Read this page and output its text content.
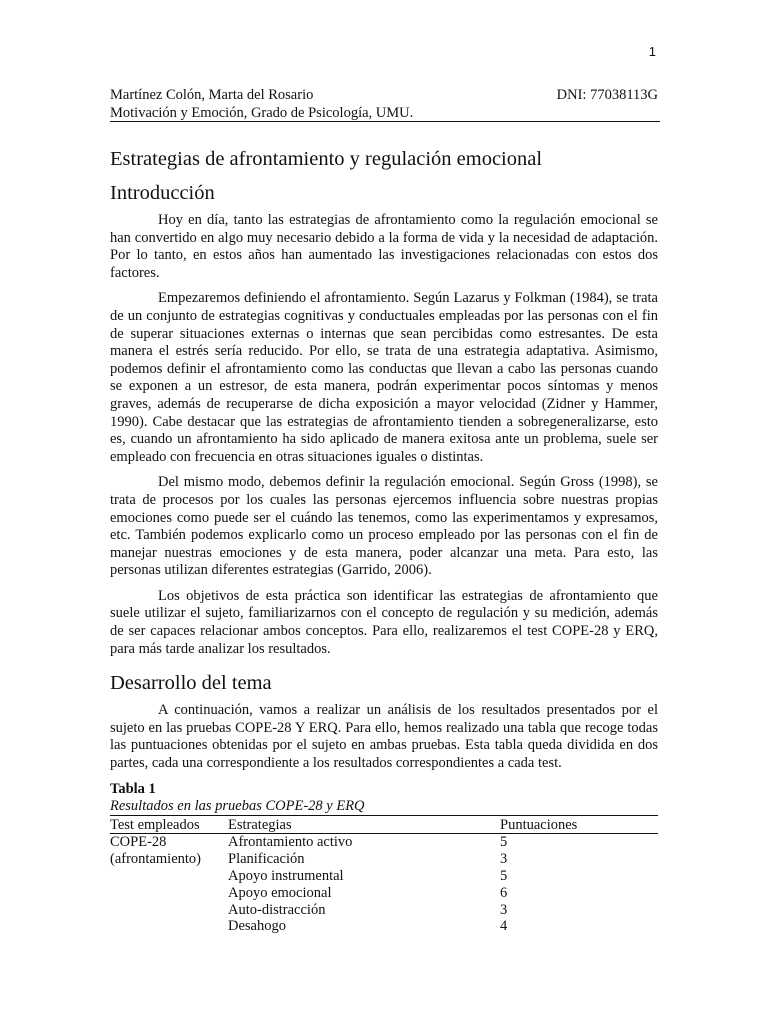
1
Martínez Colón, Marta del Rosario	DNI: 77038113G
Motivación y Emoción, Grado de Psicología, UMU.
Estrategias de afrontamiento y regulación emocional
Introducción

Hoy en día, tanto las estrategias de afrontamiento como la regulación emocional se han convertido en algo muy necesario debido a la forma de vida y la necesidad de adaptación. Por lo tanto, en estos años han aumentado las investigaciones relacionadas con estos dos factores.

Empezaremos definiendo el afrontamiento. Según Lazarus y Folkman (1984), se trata de un conjunto de estrategias cognitivas y conductuales empleadas por las personas con el fin de superar situaciones externas o internas que sean percibidas como estresantes. De esta manera el estrés sería reducido. Por ello, se trata de una estrategia adaptativa. Asimismo, podemos definir el afrontamiento como las conductas que llevan a cabo las personas cuando se exponen a un estresor, de esta manera, podrán experimentar pocos síntomas y menos graves, además de recuperarse de dicha exposición a mayor velocidad (Zidner y Hammer, 1990). Cabe destacar que las estrategias de afrontamiento tienden a sobregeneralizarse, esto es, cuando un afrontamiento ha sido aplicado de manera exitosa ante un problema, suele ser empleado con frecuencia en otras situaciones iguales o distintas.

Del mismo modo, debemos definir la regulación emocional. Según Gross (1998), se trata de procesos por los cuales las personas ejercemos influencia sobre nuestras propias emociones como puede ser el cuándo las tenemos, como las experimentamos y expresamos, etc. También podemos explicarlo como un proceso empleado por las personas con el fin de manejar nuestras emociones y de esta manera, poder alcanzar una meta. Para esto, las personas utilizan diferentes estrategias (Garrido, 2006).

Los objetivos de esta práctica son identificar las estrategias de afrontamiento que suele utilizar el sujeto, familiarizarnos con el concepto de regulación y su medición, además de ser capaces relacionar ambos conceptos. Para ello, realizaremos el test COPE-28 y ERQ, para más tarde analizar los resultados.

Desarrollo del tema

A continuación, vamos a realizar un análisis de los resultados presentados por el sujeto en las pruebas COPE-28 Y ERQ. Para ello, hemos realizado una tabla que recoge todas las puntuaciones obtenidas por el sujeto en ambas pruebas. Esta tabla queda dividida en dos partes, cada una correspondiente a los resultados correspondientes a cada test.

Tabla 1
Resultados en las pruebas COPE-28 y ERQ
Test empleados	Estrategias	Puntuaciones
COPE-28	Afrontamiento activo	5
(afrontamiento)	Planificación	3
	Apoyo instrumental	5
	Apoyo emocional	6
	Auto-distracción	3
	Desahogo	4
